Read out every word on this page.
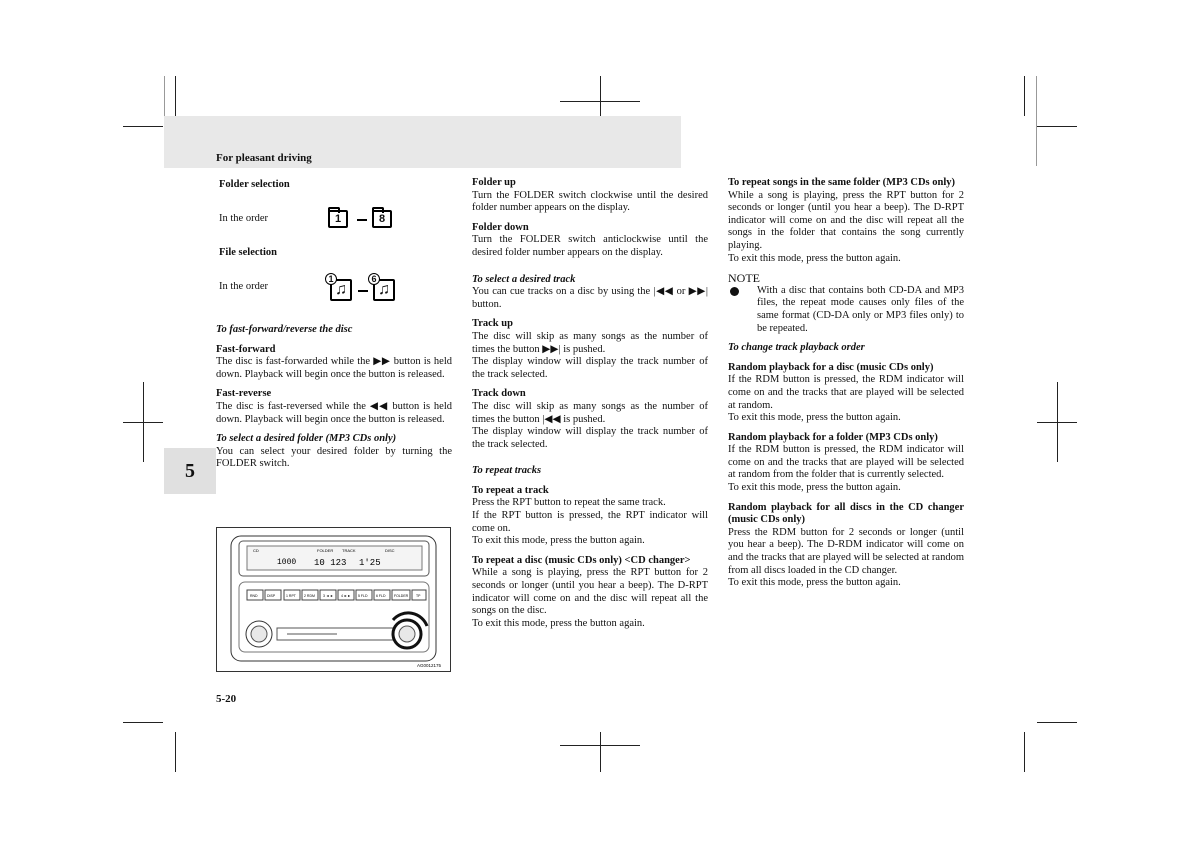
For pleasant driving
5
5-20
Folder selection
In the order	1	8
File selection
In the order	♫
1
♫
6

To fast-forward/reverse the disc

Fast-forward

The disc is fast-forwarded while the ▶▶ button is held down. Playback will begin once the button is released.

Fast-reverse

The disc is fast-reversed while the ◀◀ button is held down. Playback will begin once the button is released.

To select a desired folder (MP3 CDs only)

You can select your desired folder by turning the FOLDER switch.

CD	FOLDER TRACK	DISC
1000 10 123 1'25
RND	DISP	1 RPT 2 RDM 3 ◄◄ 4 ►► 5 FLD 6 FLD FOLDER TP
AG0012175

Folder up

Turn the FOLDER switch clockwise until the desired folder number appears on the display.

Folder down

Turn the FOLDER switch anticlockwise until the desired folder number appears on the display.

To select a desired track

You can cue tracks on a disc by using the |◀◀ or ▶▶| button.

Track up

The disc will skip as many songs as the number of times the button ▶▶| is pushed.

The display window will display the track number of the track selected.

Track down

The disc will skip as many songs as the number of times the button |◀◀ is pushed.

The display window will display the track number of the track selected.

To repeat tracks

To repeat a track

Press the RPT button to repeat the same track.
If the RPT button is pressed, the RPT indicator will come on.
To exit this mode, press the button again.

To repeat a disc (music CDs only) <CD changer>

While a song is playing, press the RPT button for 2 seconds or longer (until you hear a beep). The D-RPT indicator will come on and the disc will repeat all the songs on the disc.
To exit this mode, press the button again.

To repeat songs in the same folder (MP3 CDs only)

While a song is playing, press the RPT button for 2 seconds or longer (until you hear a beep). The D-RPT indicator will come on and the disc will repeat all the songs in the folder that contains the song currently playing.
To exit this mode, press the button again.

NOTE

With a disc that contains both CD-DA and MP3 files, the repeat mode causes only files of the same format (CD-DA only or MP3 files only) to be repeated.

To change track playback order

Random playback for a disc (music CDs only)

If the RDM button is pressed, the RDM indicator will come on and the tracks that are played will be selected at random.
To exit this mode, press the button again.

Random playback for a folder (MP3 CDs only)

If the RDM button is pressed, the RDM indicator will come on and the tracks that are played will be selected at random from the folder that is currently selected.
To exit this mode, press the button again.

Random playback for all discs in the CD changer (music CDs only)

Press the RDM button for 2 seconds or longer (until you hear a beep). The D-RDM indicator will come on and the tracks that are played will be selected at random from all discs loaded in the CD changer.
To exit this mode, press the button again.
